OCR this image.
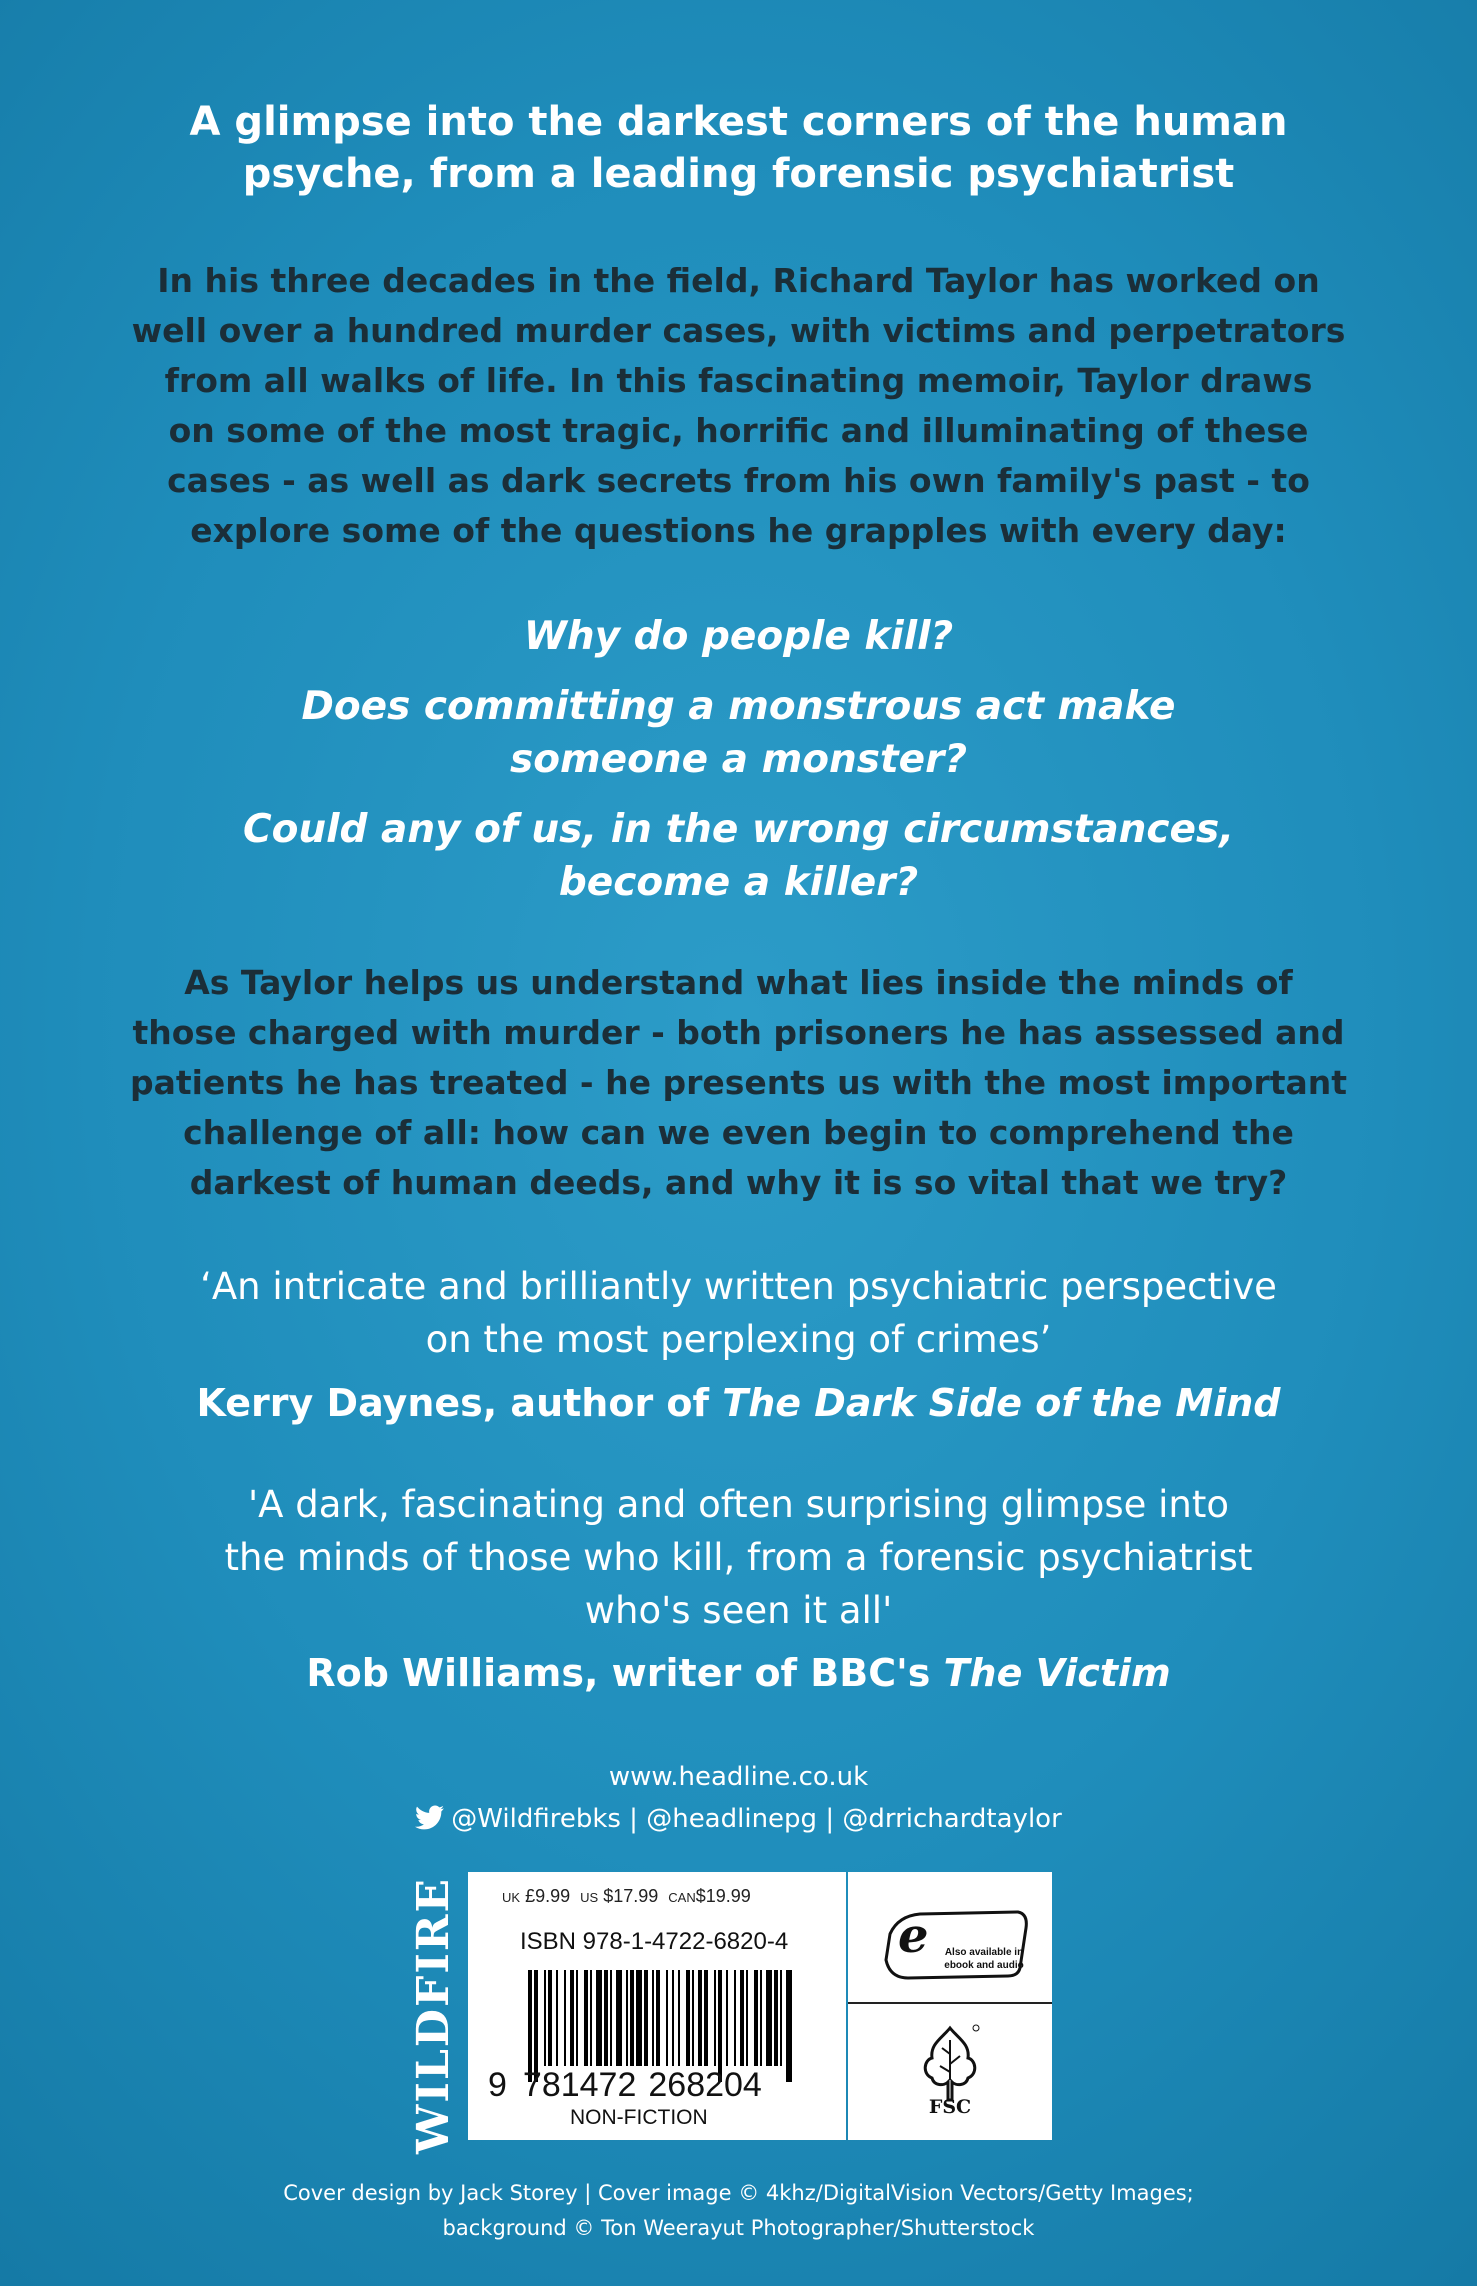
A glimpse into the darkest corners of the human
psyche, from a leading forensic psychiatrist

In his three decades in the field, Richard Taylor has worked on
well over a hundred murder cases, with victims and perpetrators
from all walks of life. In this fascinating memoir, Taylor draws
on some of the most tragic, horrific and illuminating of these
cases - as well as dark secrets from his own family's past - to
explore some of the questions he grapples with every day:

Why do people kill?

Does committing a monstrous act make
someone a monster?

Could any of us, in the wrong circumstances,
become a killer?

As Taylor helps us understand what lies inside the minds of
those charged with murder - both prisoners he has assessed and
patients he has treated - he presents us with the most important
challenge of all: how can we even begin to comprehend the
darkest of human deeds, and why it is so vital that we try?

‘An intricate and brilliantly written psychiatric perspective
on the most perplexing of crimes’

Kerry Daynes, author of The Dark Side of the Mind

'A dark, fascinating and often surprising glimpse into
the minds of those who kill, from a forensic psychiatrist
who's seen it all'

Rob Williams, writer of BBC's The Victim

www.headline.co.uk
@Wildfirebks | @headlinepg | @drrichardtaylor
WILDFIRE	UK £9.99 US $17.99 CAN$19.99
ISBN 978-1-4722-6820-4
9 781472 268204
NON-FICTION
e	Also available in
ebook and audio
FSC

Cover design by Jack Storey | Cover image © 4khz/DigitalVision Vectors/Getty Images;
background © Ton Weerayut Photographer/Shutterstock
